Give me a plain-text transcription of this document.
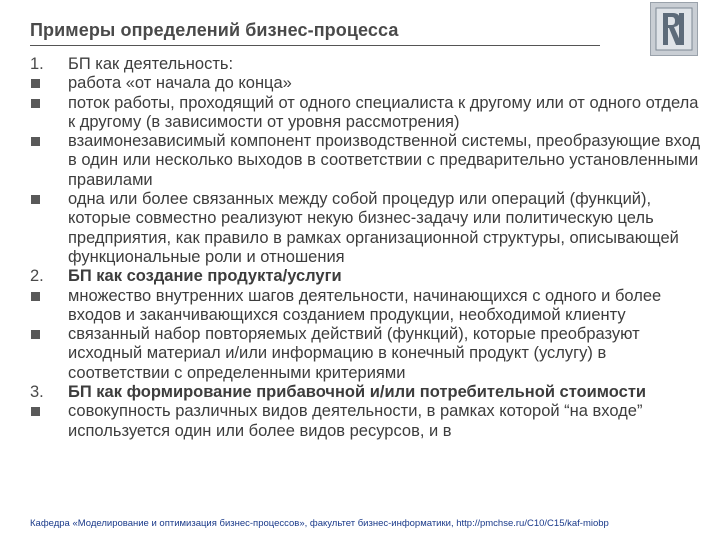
Примеры определений бизнес-процесса
1.	БП как деятельность:
работа «от начала до конца»
поток работы, проходящий от одного специалиста к другому или от одного отдела к другому (в зависимости от уровня рассмотрения)
взаимонезависимый компонент производственной системы, преобразующие вход в один или несколько выходов в соответствии с предварительно установленными правилами
одна или более связанных между собой процедур или операций (функций), которые совместно реализуют некую бизнес-задачу или политическую цель предприятия, как правило в рамках организационной структуры, описывающей функциональные роли и отношения
2.	БП как создание продукта/услуги
множество внутренних шагов деятельности, начинающихся с одного и более входов и заканчивающихся созданием продукции, необходимой клиенту
связанный набор повторяемых действий (функций), которые преобразуют исходный материал и/или информацию в конечный продукт (услугу) в соответствии с определенными критериями
3.	БП как формирование прибавочной и/или потребительной стоимости
совокупность различных видов деятельности, в рамках которой “на входе” используется один или более видов ресурсов, и в
Кафедра «Моделирование и оптимизация бизнес-процессов», факультет бизнес-информатики, http://pmchse.ru/C10/C15/kaf-miobp
